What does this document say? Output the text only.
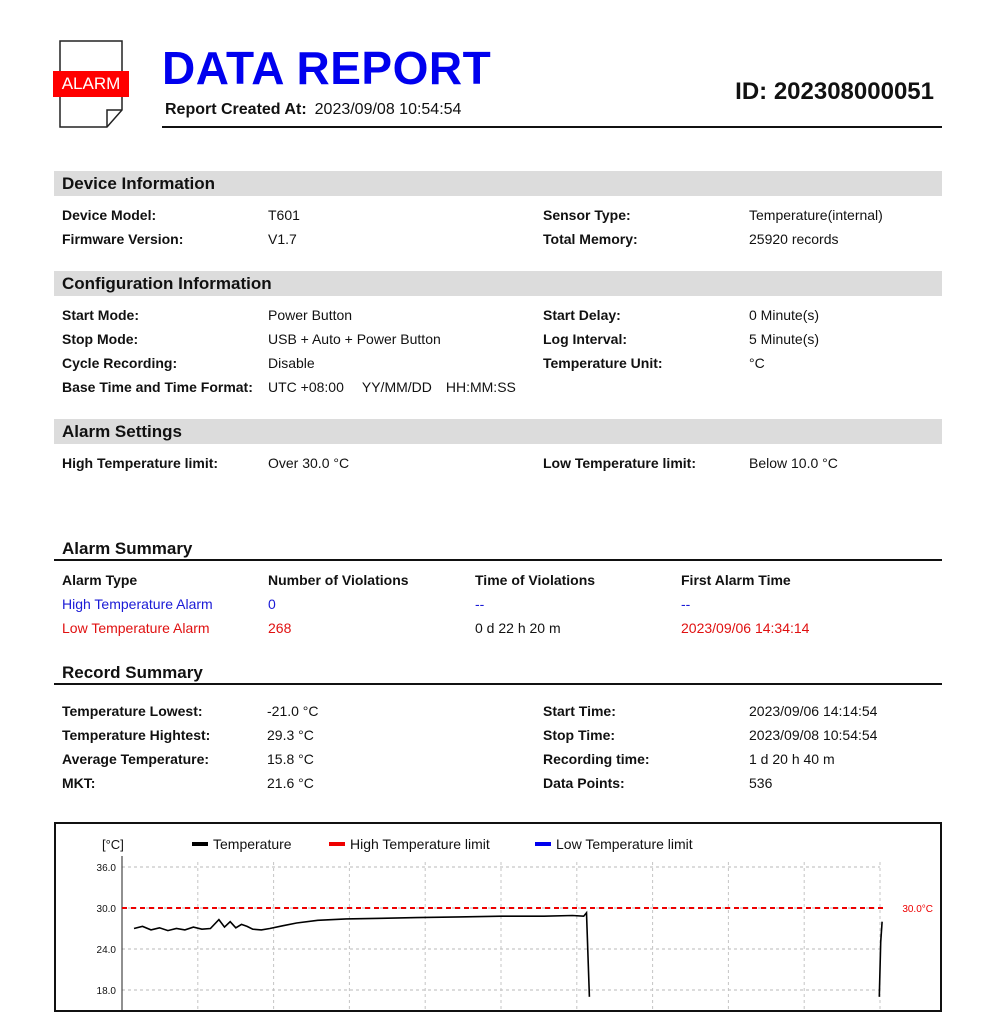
ALARM DATA REPORT
Report Created At: 2023/09/08 10:54:54
ID: 202308000051
Device Information
Device Model:	T601
Firmware Version:	V1.7
Sensor Type:	Temperature(internal)
Total Memory:	25920 records
Configuration Information
Start Mode:	Power Button
Stop Mode:	USB + Auto + Power Button
Cycle Recording:	Disable
Base Time and Time Format: UTC +08:00 YY/MM/DD HH:MM:SS
Start Delay:	0 Minute(s)
Log Interval:	5 Minute(s)
Temperature Unit:	°C
Alarm Settings
High Temperature limit:	Over 30.0 °C	Low Temperature limit:	Below 10.0 °C
Alarm Summary
Alarm Type	Number of Violations	Time of Violations	First Alarm Time
High Temperature Alarm	0	--	--
Low Temperature Alarm	268	0 d 22 h 20 m	2023/09/06 14:34:14
Record Summary
Temperature Lowest:	-21.0 °C
Temperature Hightest:	29.3 °C
Average Temperature:	15.8 °C
MKT:	21.6 °C
Start Time:	2023/09/06 14:14:54
Stop Time:	2023/09/08 10:54:54
Recording time:	1 d 20 h 40 m
Data Points:	536
30.0°C
[°C]
36.0
30.0
24.0
18.0
Temperature	High Temperature limit	Low Temperature limit
